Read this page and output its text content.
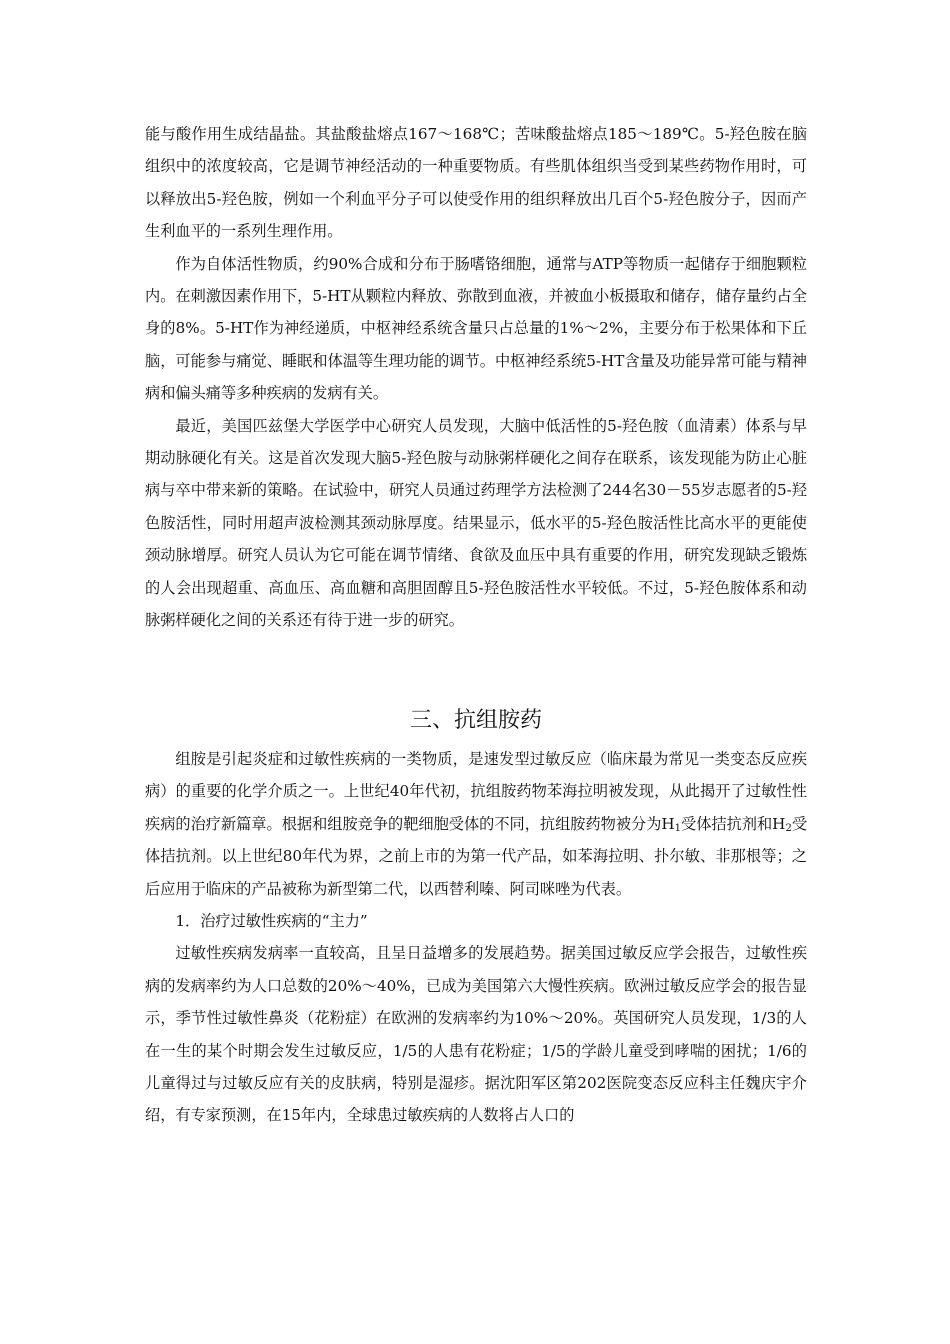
能与酸作用生成结晶盐。其盐酸盐熔点167～168℃；苦味酸盐熔点185～189℃。5-羟色胺在脑组织中的浓度较高，它是调节神经活动的一种重要物质。有些肌体组织当受到某些药物作用时，可以释放出5-羟色胺，例如一个利血平分子可以使受作用的组织释放出几百个5-羟色胺分子，因而产生利血平的一系列生理作用。

作为自体活性物质，约90%合成和分布于肠嗜铬细胞，通常与ATP等物质一起储存于细胞颗粒内。在刺激因素作用下，5-HT从颗粒内释放、弥散到血液，并被血小板摄取和储存，储存量约占全身的8%。5-HT作为神经递质，中枢神经系统含量只占总量的1%～2%，主要分布于松果体和下丘脑，可能参与痛觉、睡眠和体温等生理功能的调节。中枢神经系统5-HT含量及功能异常可能与精神病和偏头痛等多种疾病的发病有关。

最近，美国匹兹堡大学医学中心研究人员发现，大脑中低活性的5-羟色胺（血清素）体系与早期动脉硬化有关。这是首次发现大脑5-羟色胺与动脉粥样硬化之间存在联系，该发现能为防止心脏病与卒中带来新的策略。在试验中，研究人员通过药理学方法检测了244名30－55岁志愿者的5-羟色胺活性，同时用超声波检测其颈动脉厚度。结果显示，低水平的5-羟色胺活性比高水平的更能使颈动脉增厚。研究人员认为它可能在调节情绪、食欲及血压中具有重要的作用，研究发现缺乏锻炼的人会出现超重、高血压、高血糖和高胆固醇且5-羟色胺活性水平较低。不过，5-羟色胺体系和动脉粥样硬化之间的关系还有待于进一步的研究。

三、抗组胺药

组胺是引起炎症和过敏性疾病的一类物质，是速发型过敏反应（临床最为常见一类变态反应疾病）的重要的化学介质之一。上世纪40年代初，抗组胺药物苯海拉明被发现，从此揭开了过敏性性疾病的治疗新篇章。根据和组胺竞争的靶细胞受体的不同，抗组胺药物被分为$H_1$受体拮抗剂和$H_2$受体拮抗剂。以上世纪80年代为界，之前上市的为第一代产品，如苯海拉明、扑尔敏、非那根等；之后应用于临床的产品被称为新型第二代，以西替利嗪、阿司咪唑为代表。

1．治疗过敏性疾病的“主力”

过敏性疾病发病率一直较高，且呈日益增多的发展趋势。据美国过敏反应学会报告，过敏性疾病的发病率约为人口总数的20%～40%，已成为美国第六大慢性疾病。欧洲过敏反应学会的报告显示，季节性过敏性鼻炎（花粉症）在欧洲的发病率约为10%～20%。英国研究人员发现，1/3的人在一生的某个时期会发生过敏反应，1/5的人患有花粉症；1/5的学龄儿童受到哮喘的困扰；1/6的儿童得过与过敏反应有关的皮肤病，特别是湿疹。据沈阳军区第202医院变态反应科主任魏庆宇介绍，有专家预测，在15年内，全球患过敏疾病的人数将占人口的
